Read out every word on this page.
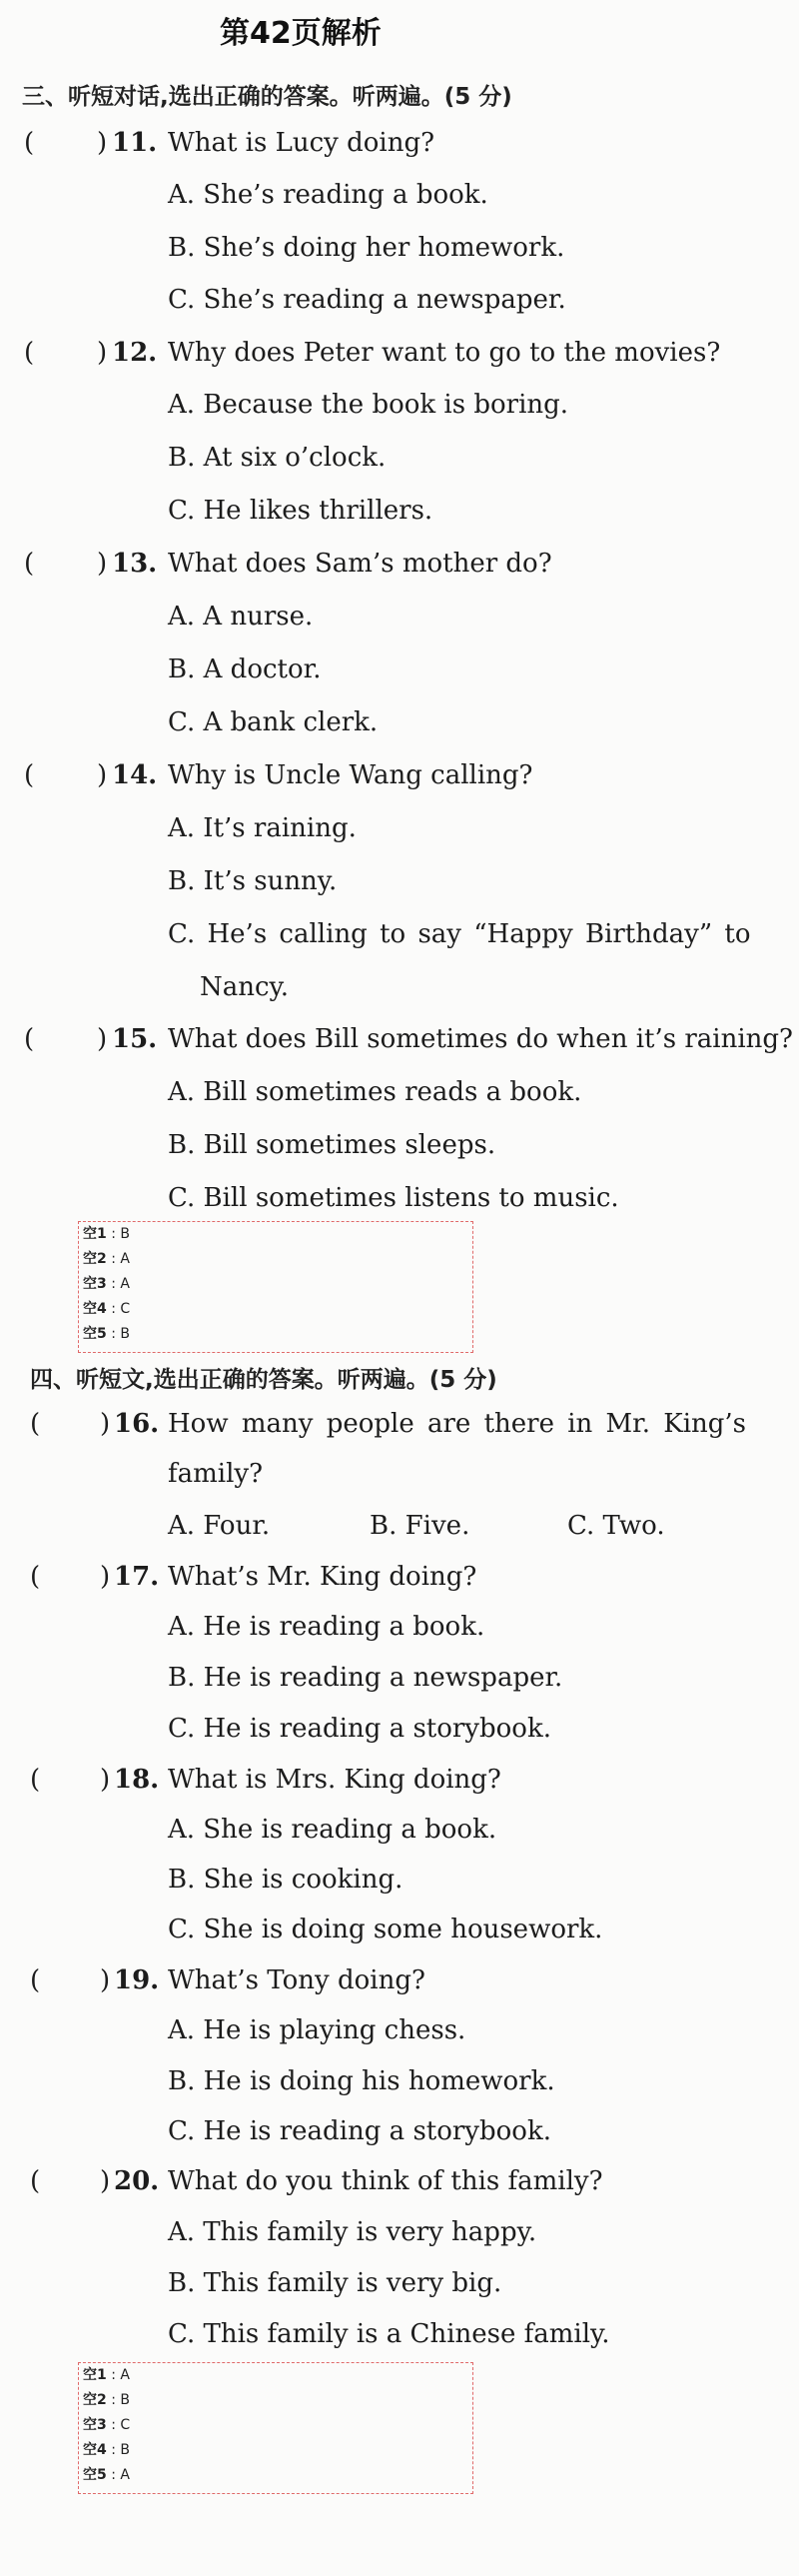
第42页解析
三、听短对话,选出正确的答案。听两遍。(5 分)
( ) 11. What is Lucy doing?
A. She’s reading a book.
B. She’s doing her homework.
C. She’s reading a newspaper.
( ) 12. Why does Peter want to go to the movies?
A. Because the book is boring.
B. At six o’clock.
C. He likes thrillers.
( ) 13. What does Sam’s mother do?
A. A nurse.
B. A doctor.
C. A bank clerk.
( ) 14. Why is Uncle Wang calling?
A. It’s raining.
B. It’s sunny.
C. He’s calling to say “Happy Birthday” to
Nancy.
( ) 15. What does Bill sometimes do when it’s raining?
A. Bill sometimes reads a book.
B. Bill sometimes sleeps.
C. Bill sometimes listens to music.
空1 : B
空2 : A
空3 : A
空4 : C
空5 : B
四、听短文,选出正确的答案。听两遍。(5 分)
( ) 16. How many people are there in Mr. King’s
family?
A. Four.	B. Five.	C. Two.
( ) 17. What’s Mr. King doing?
A. He is reading a book.
B. He is reading a newspaper.
C. He is reading a storybook.
( ) 18. What is Mrs. King doing?
A. She is reading a book.
B. She is cooking.
C. She is doing some housework.
( ) 19. What’s Tony doing?
A. He is playing chess.
B. He is doing his homework.
C. He is reading a storybook.
( ) 20. What do you think of this family?
A. This family is very happy.
B. This family is very big.
C. This family is a Chinese family.
空1 : A
空2 : B
空3 : C
空4 : B
空5 : A
